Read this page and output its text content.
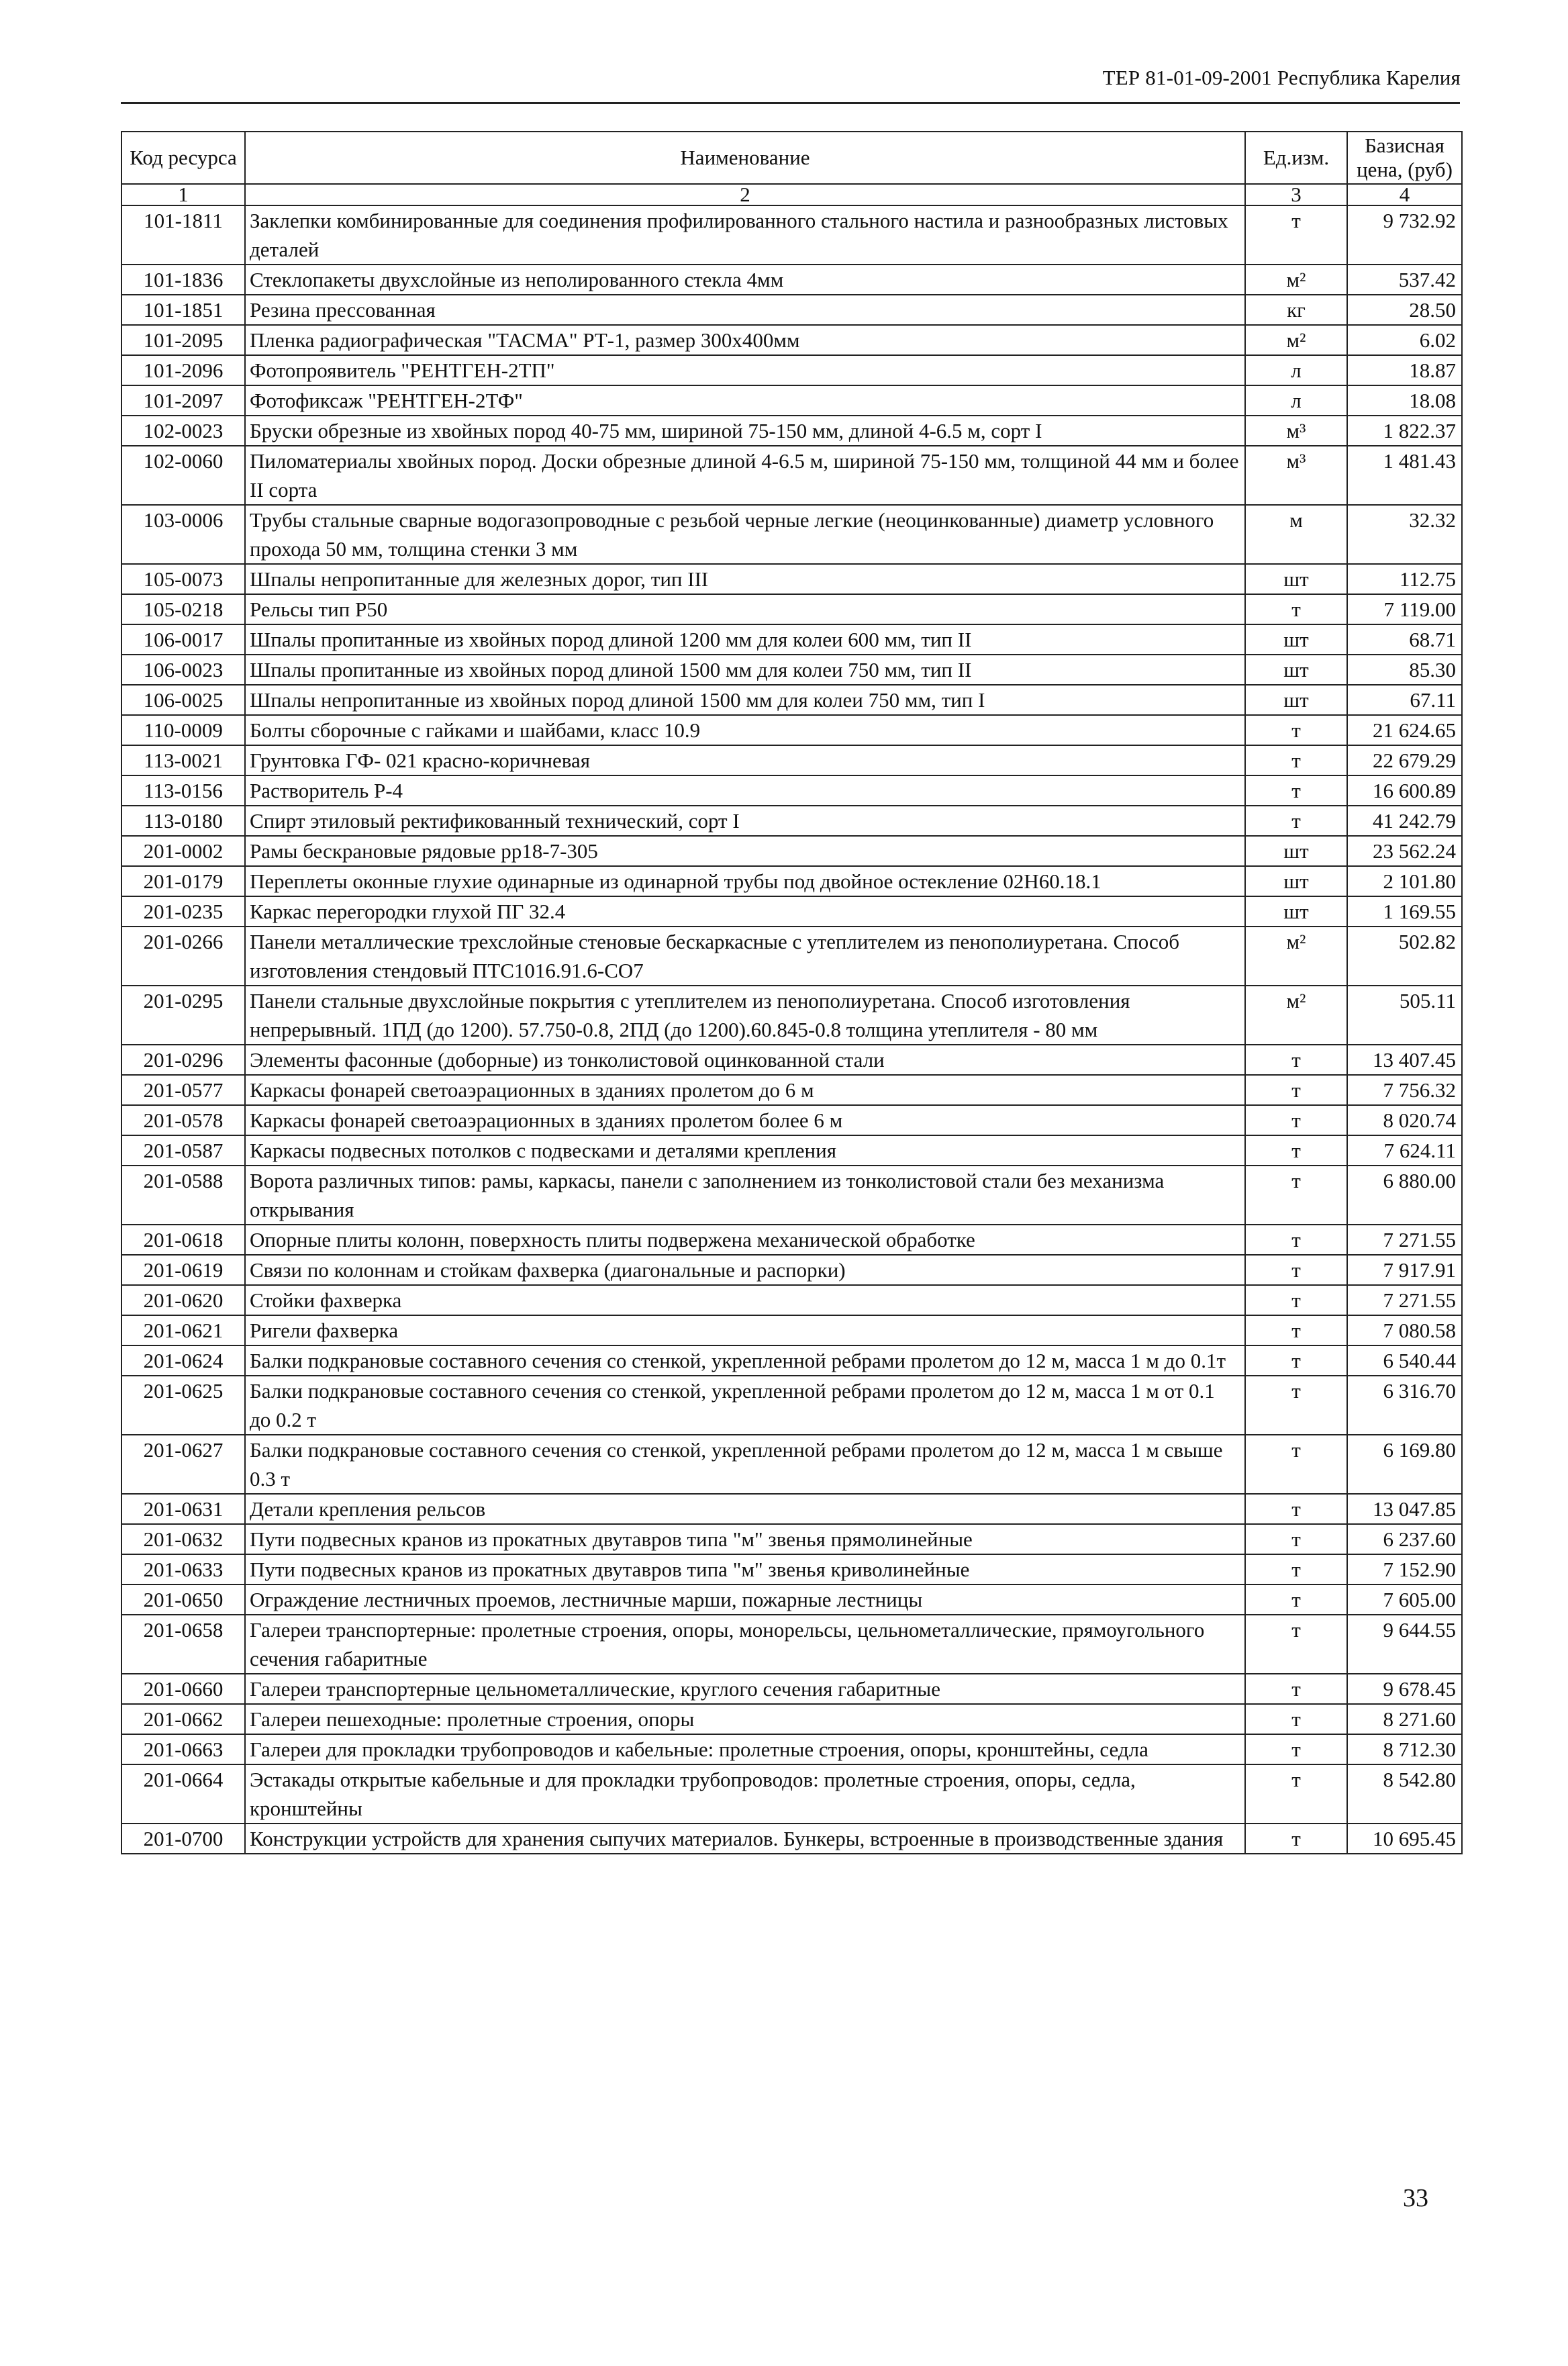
ТЕР 81-01-09-2001 Республика Карелия
Код ресурса	Наименование	Ед.изм.	Базисная цена, (руб)
1	2	3	4
101-1811	Заклепки комбинированные для соединения профилированного стального настила и разнообразных листовых деталей	т	9 732.92
101-1836	Стеклопакеты двухслойные из неполированного стекла 4мм	м²	537.42
101-1851	Резина прессованная	кг	28.50
101-2095	Пленка радиографическая "ТАСМА" РТ-1, размер 300х400мм	м²	6.02
101-2096	Фотопроявитель "РЕНТГЕН-2ТП"	л	18.87
101-2097	Фотофиксаж "РЕНТГЕН-2ТФ"	л	18.08
102-0023	Бруски обрезные из хвойных пород 40-75 мм, шириной 75-150 мм, длиной 4-6.5 м, сорт I	м³	1 822.37
102-0060	Пиломатериалы хвойных пород. Доски обрезные длиной 4-6.5 м, шириной 75-150 мм, толщиной 44 мм и более II сорта	м³	1 481.43
103-0006	Трубы стальные сварные водогазопроводные с резьбой черные легкие (неоцинкованные) диаметр условного прохода 50 мм, толщина стенки 3 мм	м	32.32
105-0073	Шпалы непропитанные для железных дорог, тип III	шт	112.75
105-0218	Рельсы тип Р50	т	7 119.00
106-0017	Шпалы пропитанные из хвойных пород длиной 1200 мм для колеи 600 мм, тип II	шт	68.71
106-0023	Шпалы пропитанные из хвойных пород длиной 1500 мм для колеи 750 мм, тип II	шт	85.30
106-0025	Шпалы непропитанные из хвойных пород длиной 1500 мм для колеи 750 мм, тип I	шт	67.11
110-0009	Болты сборочные с гайками и шайбами, класс 10.9	т	21 624.65
113-0021	Грунтовка ГФ- 021 красно-коричневая	т	22 679.29
113-0156	Растворитель Р-4	т	16 600.89
113-0180	Спирт этиловый ректификованный технический, сорт I	т	41 242.79
201-0002	Рамы бескрановые рядовые рр18-7-305	шт	23 562.24
201-0179	Переплеты оконные глухие одинарные из одинарной трубы под двойное остекление 02Н60.18.1	шт	2 101.80
201-0235	Каркас перегородки глухой ПГ 32.4	шт	1 169.55
201-0266	Панели металлические трехслойные стеновые бескаркасные с утеплителем из пенополиуретана. Способ изготовления стендовый ПТС1016.91.6-СО7	м²	502.82
201-0295	Панели стальные двухслойные покрытия с утеплителем из пенополиуретана. Способ изготовления непрерывный. 1ПД (до 1200). 57.750-0.8, 2ПД (до 1200).60.845-0.8 толщина утеплителя - 80 мм	м²	505.11
201-0296	Элементы фасонные (доборные) из тонколистовой оцинкованной стали	т	13 407.45
201-0577	Каркасы фонарей светоаэрационных в зданиях пролетом до 6 м	т	7 756.32
201-0578	Каркасы фонарей светоаэрационных в зданиях пролетом более 6 м	т	8 020.74
201-0587	Каркасы подвесных потолков с подвесками и деталями крепления	т	7 624.11
201-0588	Ворота различных типов: рамы, каркасы, панели с заполнением из тонколистовой стали без механизма открывания	т	6 880.00
201-0618	Опорные плиты колонн, поверхность плиты подвержена механической обработке	т	7 271.55
201-0619	Связи по колоннам и стойкам фахверка (диагональные и распорки)	т	7 917.91
201-0620	Стойки фахверка	т	7 271.55
201-0621	Ригели фахверка	т	7 080.58
201-0624	Балки подкрановые составного сечения со стенкой, укрепленной ребрами пролетом до 12 м, масса 1 м до 0.1т	т	6 540.44
201-0625	Балки подкрановые составного сечения со стенкой, укрепленной ребрами пролетом до 12 м, масса 1 м от 0.1 до 0.2 т	т	6 316.70
201-0627	Балки подкрановые составного сечения со стенкой, укрепленной ребрами пролетом до 12 м, масса 1 м свыше 0.3 т	т	6 169.80
201-0631	Детали крепления рельсов	т	13 047.85
201-0632	Пути подвесных кранов из прокатных двутавров типа "м" звенья прямолинейные	т	6 237.60
201-0633	Пути подвесных кранов из прокатных двутавров типа "м" звенья криволинейные	т	7 152.90
201-0650	Ограждение лестничных проемов, лестничные марши, пожарные лестницы	т	7 605.00
201-0658	Галереи транспортерные: пролетные строения, опоры, монорельсы, цельнометаллические, прямоугольного сечения габаритные	т	9 644.55
201-0660	Галереи транспортерные цельнометаллические, круглого сечения габаритные	т	9 678.45
201-0662	Галереи пешеходные: пролетные строения, опоры	т	8 271.60
201-0663	Галереи для прокладки трубопроводов и кабельные: пролетные строения, опоры, кронштейны, седла	т	8 712.30
201-0664	Эстакады открытые кабельные и для прокладки трубопроводов: пролетные строения, опоры, седла, кронштейны	т	8 542.80
201-0700	Конструкции устройств для хранения сыпучих материалов. Бункеры, встроенные в производственные здания	т	10 695.45
33
